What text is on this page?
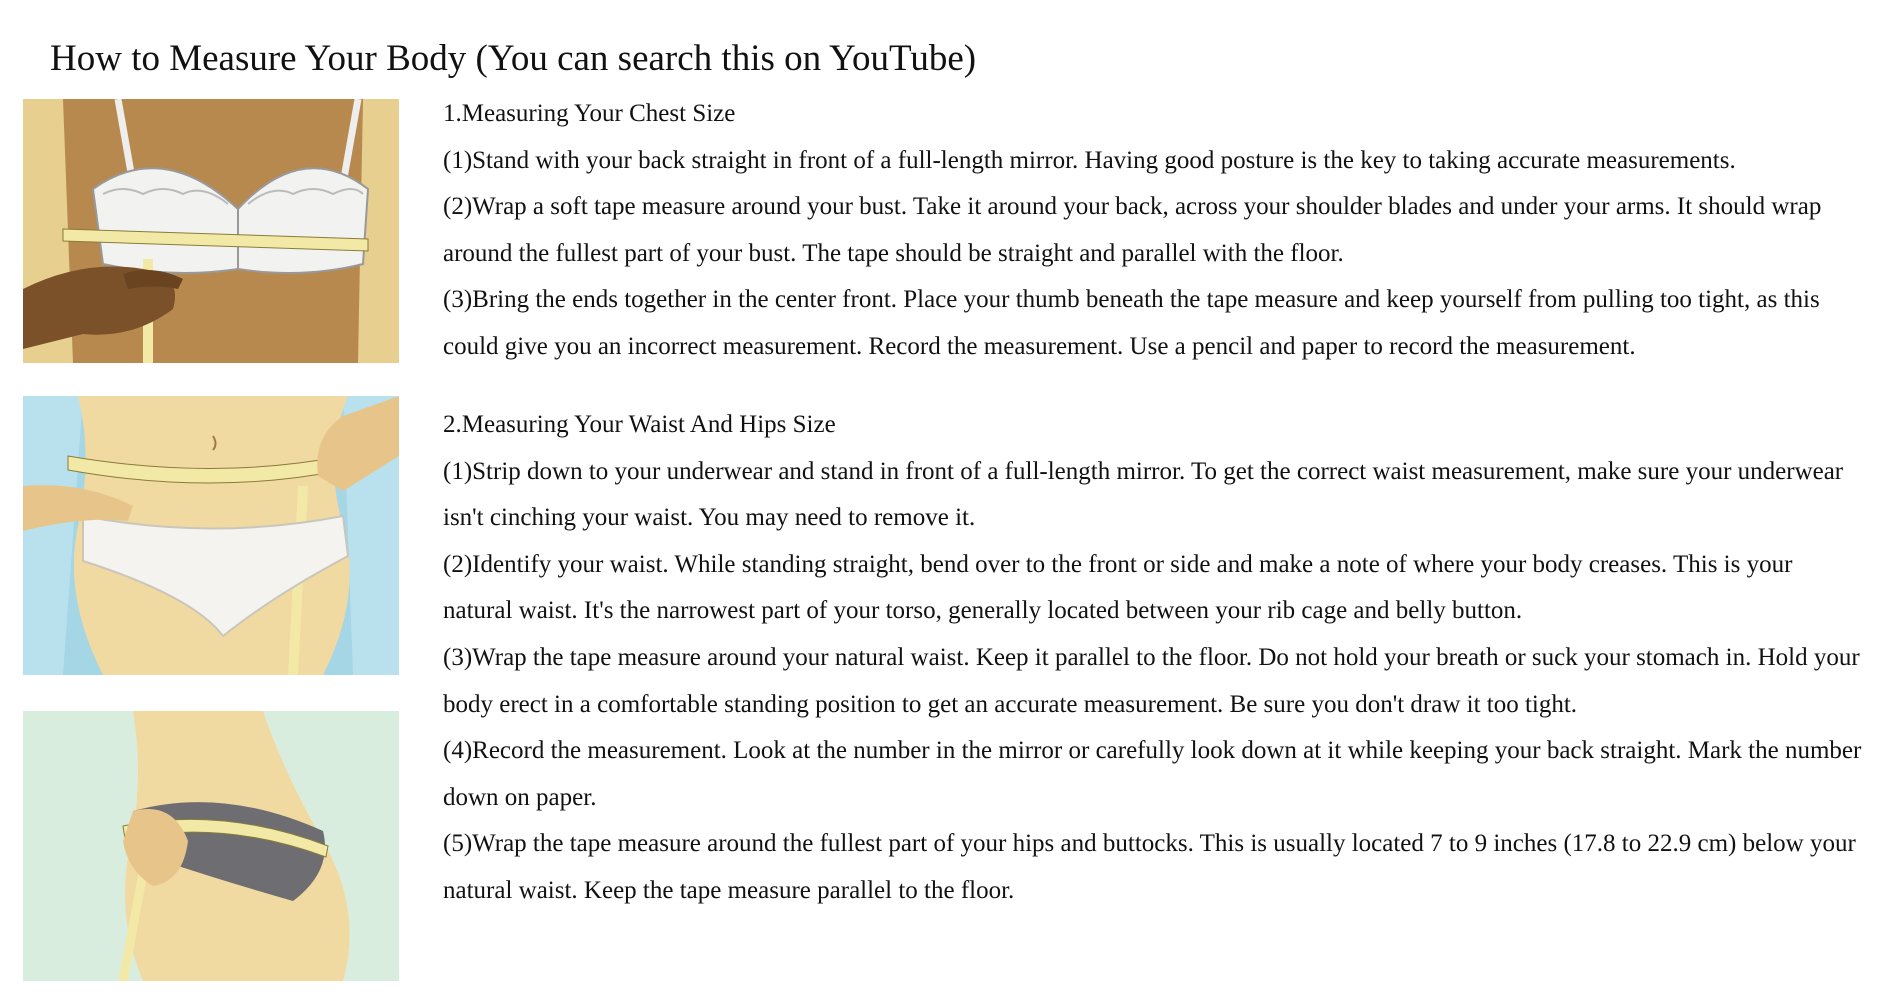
How to Measure Your Body (You can search this on YouTube)

1.Measuring Your Chest Size

(1)Stand with your back straight in front of a full-length mirror. Having good posture is the key to taking accurate measurements.

(2)Wrap a soft tape measure around your bust. Take it around your back, across your shoulder blades and under your arms. It should wrap around the fullest part of your bust. The tape should be straight and parallel with the floor.

(3)Bring the ends together in the center front. Place your thumb beneath the tape measure and keep yourself from pulling too tight, as this could give you an incorrect measurement. Record the measurement. Use a pencil and paper to record the measurement.

2.Measuring Your Waist And Hips Size

(1)Strip down to your underwear and stand in front of a full-length mirror. To get the correct waist measurement, make sure your underwear isn't cinching your waist. You may need to remove it.

(2)Identify your waist. While standing straight, bend over to the front or side and make a note of where your body creases. This is your natural waist. It's the narrowest part of your torso, generally located between your rib cage and belly button.

(3)Wrap the tape measure around your natural waist. Keep it parallel to the floor. Do not hold your breath or suck your stomach in. Hold your body erect in a comfortable standing position to get an accurate measurement. Be sure you don't draw it too tight.

(4)Record the measurement. Look at the number in the mirror or carefully look down at it while keeping your back straight. Mark the number down on paper.

(5)Wrap the tape measure around the fullest part of your hips and buttocks. This is usually located 7 to 9 inches (17.8 to 22.9 cm) below your natural waist. Keep the tape measure parallel to the floor.
